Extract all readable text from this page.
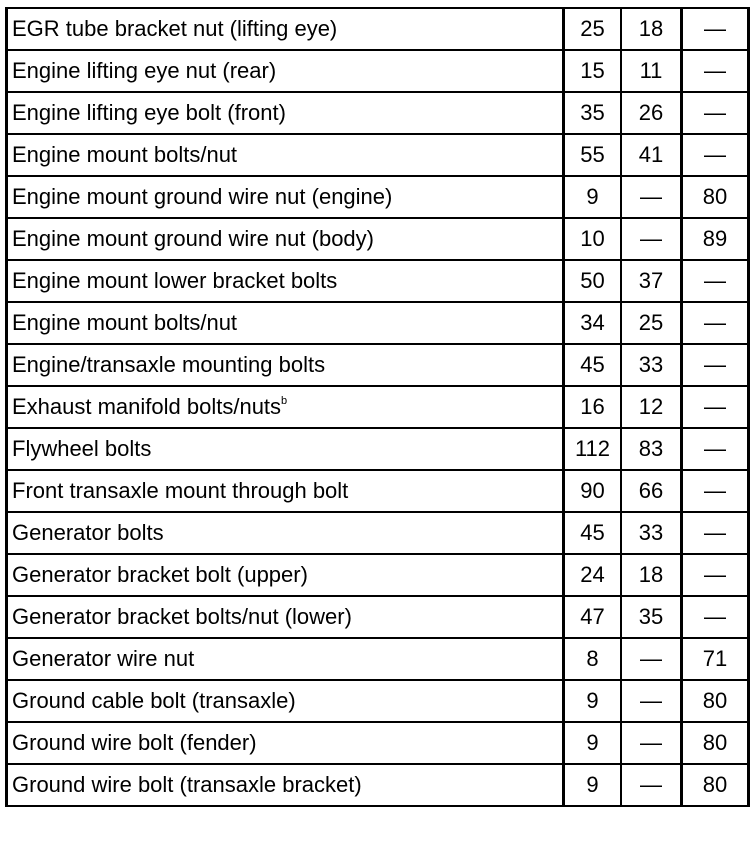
EGR tube bracket nut (lifting eye)	25	18	—
Engine lifting eye nut (rear)	15	11	—
Engine lifting eye bolt (front)	35	26	—
Engine mount bolts/nut	55	41	—
Engine mount ground wire nut (engine)	9	—	80
Engine mount ground wire nut (body)	10	—	89
Engine mount lower bracket bolts	50	37	—
Engine mount bolts/nut	34	25	—
Engine/transaxle mounting bolts	45	33	—
Exhaust manifold bolts/nuts$^b$	16	12	—
Flywheel bolts	112	83	—
Front transaxle mount through bolt	90	66	—
Generator bolts	45	33	—
Generator bracket bolt (upper)	24	18	—
Generator bracket bolts/nut (lower)	47	35	—
Generator wire nut	8	—	71
Ground cable bolt (transaxle)	9	—	80
Ground wire bolt (fender)	9	—	80
Ground wire bolt (transaxle bracket)	9	—	80
